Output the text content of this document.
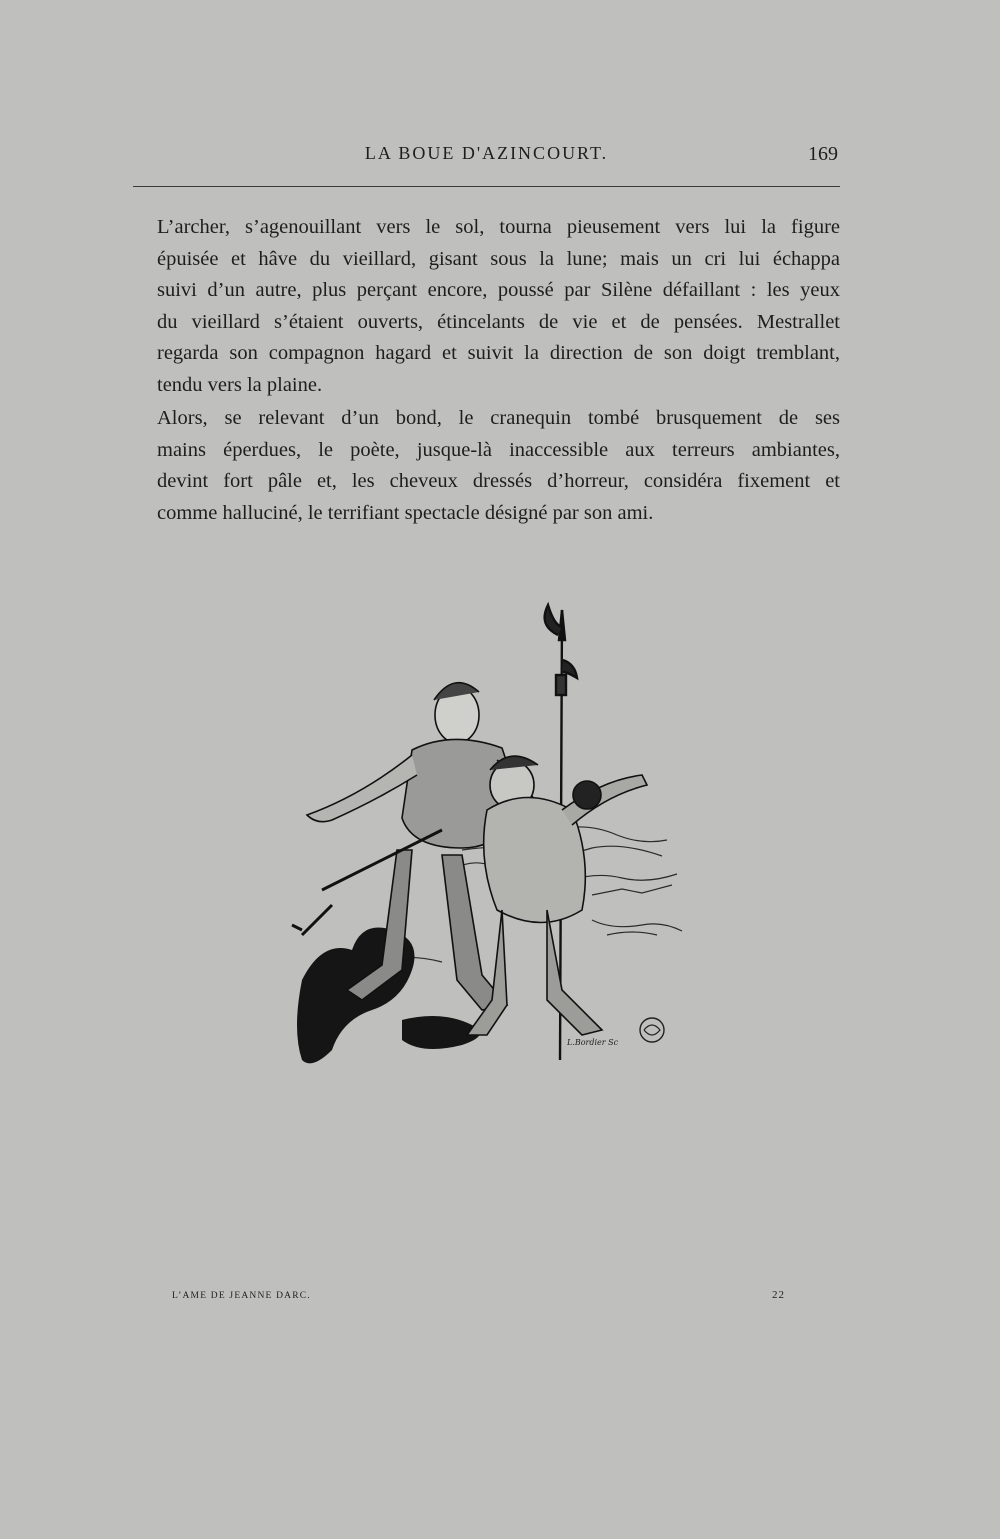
LA BOUE D'AZINCOURT.	169

L’archer, s’agenouillant vers le sol, tourna pieusement vers lui la figure
épuisée et hâve du vieillard, gisant sous la lune; mais un cri lui échappa
suivi d’un autre, plus perçant encore, poussé par Silène défaillant : les yeux
du vieillard s’étaient ouverts, étincelants de vie et de pensées. Mestrallet
regarda son compagnon hagard et suivit la direction de son doigt tremblant,
tendu vers la plaine.

Alors, se relevant d’un bond, le cranequin tombé brusquement de ses
mains éperdues, le poète, jusque-là inaccessible aux terreurs ambiantes,
devint fort pâle et, les cheveux dressés d’horreur, considéra fixement et
comme halluciné, le terrifiant spectacle désigné par son ami.

L.Bordier Sc
L’AME DE JEANNE DARC.	22
